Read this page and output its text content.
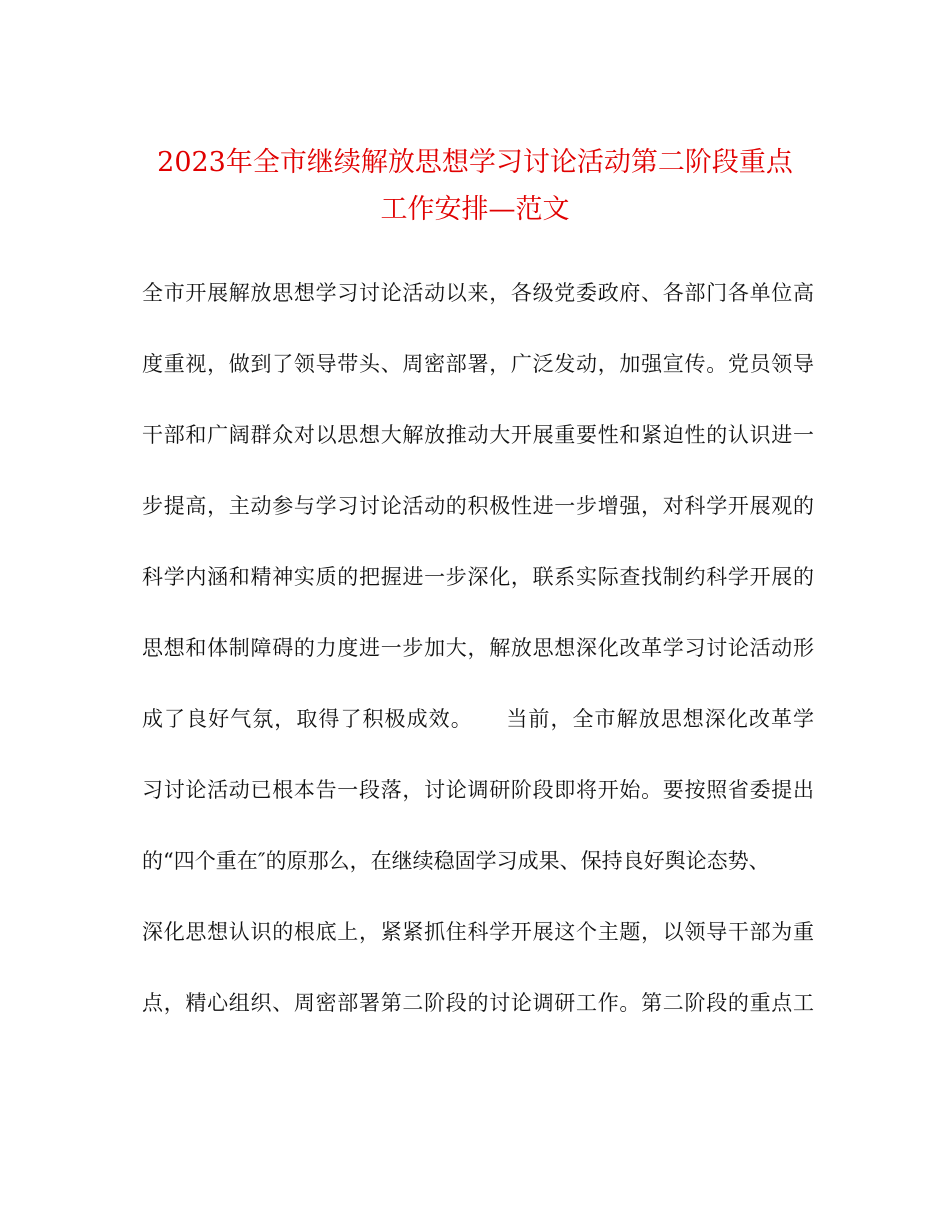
2023年全市继续解放思想学习讨论活动第二阶段重点
工作安排—范文
全市开展解放思想学习讨论活动以来，各级党委政府、各部门各单位高
度重视，做到了领导带头、周密部署，广泛发动，加强宣传。党员领导
干部和广阔群众对以思想大解放推动大开展重要性和紧迫性的认识进一
步提高，主动参与学习讨论活动的积极性进一步增强，对科学开展观的
科学内涵和精神实质的把握进一步深化，联系实际查找制约科学开展的
思想和体制障碍的力度进一步加大，解放思想深化改革学习讨论活动形
成了良好气氛，取得了积极成效。　　当前，全市解放思想深化改革学
习讨论活动已根本告一段落，讨论调研阶段即将开始。要按照省委提出
的“四个重在″的原那么，在继续稳固学习成果、保持良好舆论态势、
深化思想认识的根底上，紧紧抓住科学开展这个主题，以领导干部为重
点，精心组织、周密部署第二阶段的讨论调研工作。第二阶段的重点工
